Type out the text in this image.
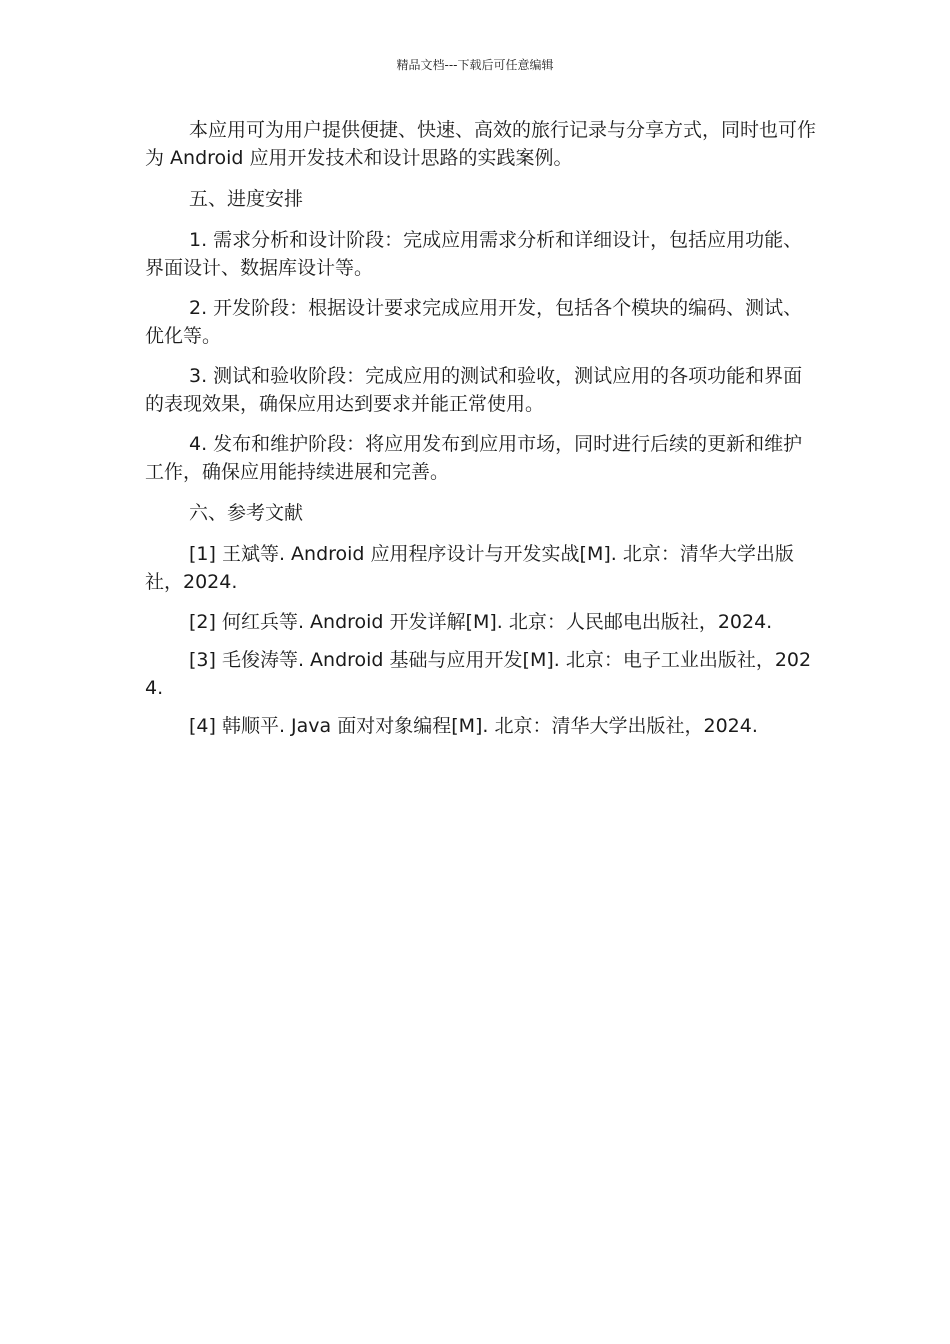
精品文档---下载后可任意编辑

本应用可为用户提供便捷、快速、高效的旅行记录与分享方式，同时也可作为 Android 应用开发技术和设计思路的实践案例。

五、进度安排

1. 需求分析和设计阶段：完成应用需求分析和详细设计，包括应用功能、界面设计、数据库设计等。

2. 开发阶段：根据设计要求完成应用开发，包括各个模块的编码、测试、优化等。

3. 测试和验收阶段：完成应用的测试和验收，测试应用的各项功能和界面的表现效果，确保应用达到要求并能正常使用。

4. 发布和维护阶段：将应用发布到应用市场，同时进行后续的更新和维护工作，确保应用能持续进展和完善。

六、参考文献

[1] 王斌等. Android 应用程序设计与开发实战[M]. 北京：清华大学出版社，2024.

[2] 何红兵等. Android 开发详解[M]. 北京：人民邮电出版社，2024.

[3] 毛俊涛等. Android 基础与应用开发[M]. 北京：电子工业出版社，2024.

[4] 韩顺平. Java 面对对象编程[M]. 北京：清华大学出版社，2024.
